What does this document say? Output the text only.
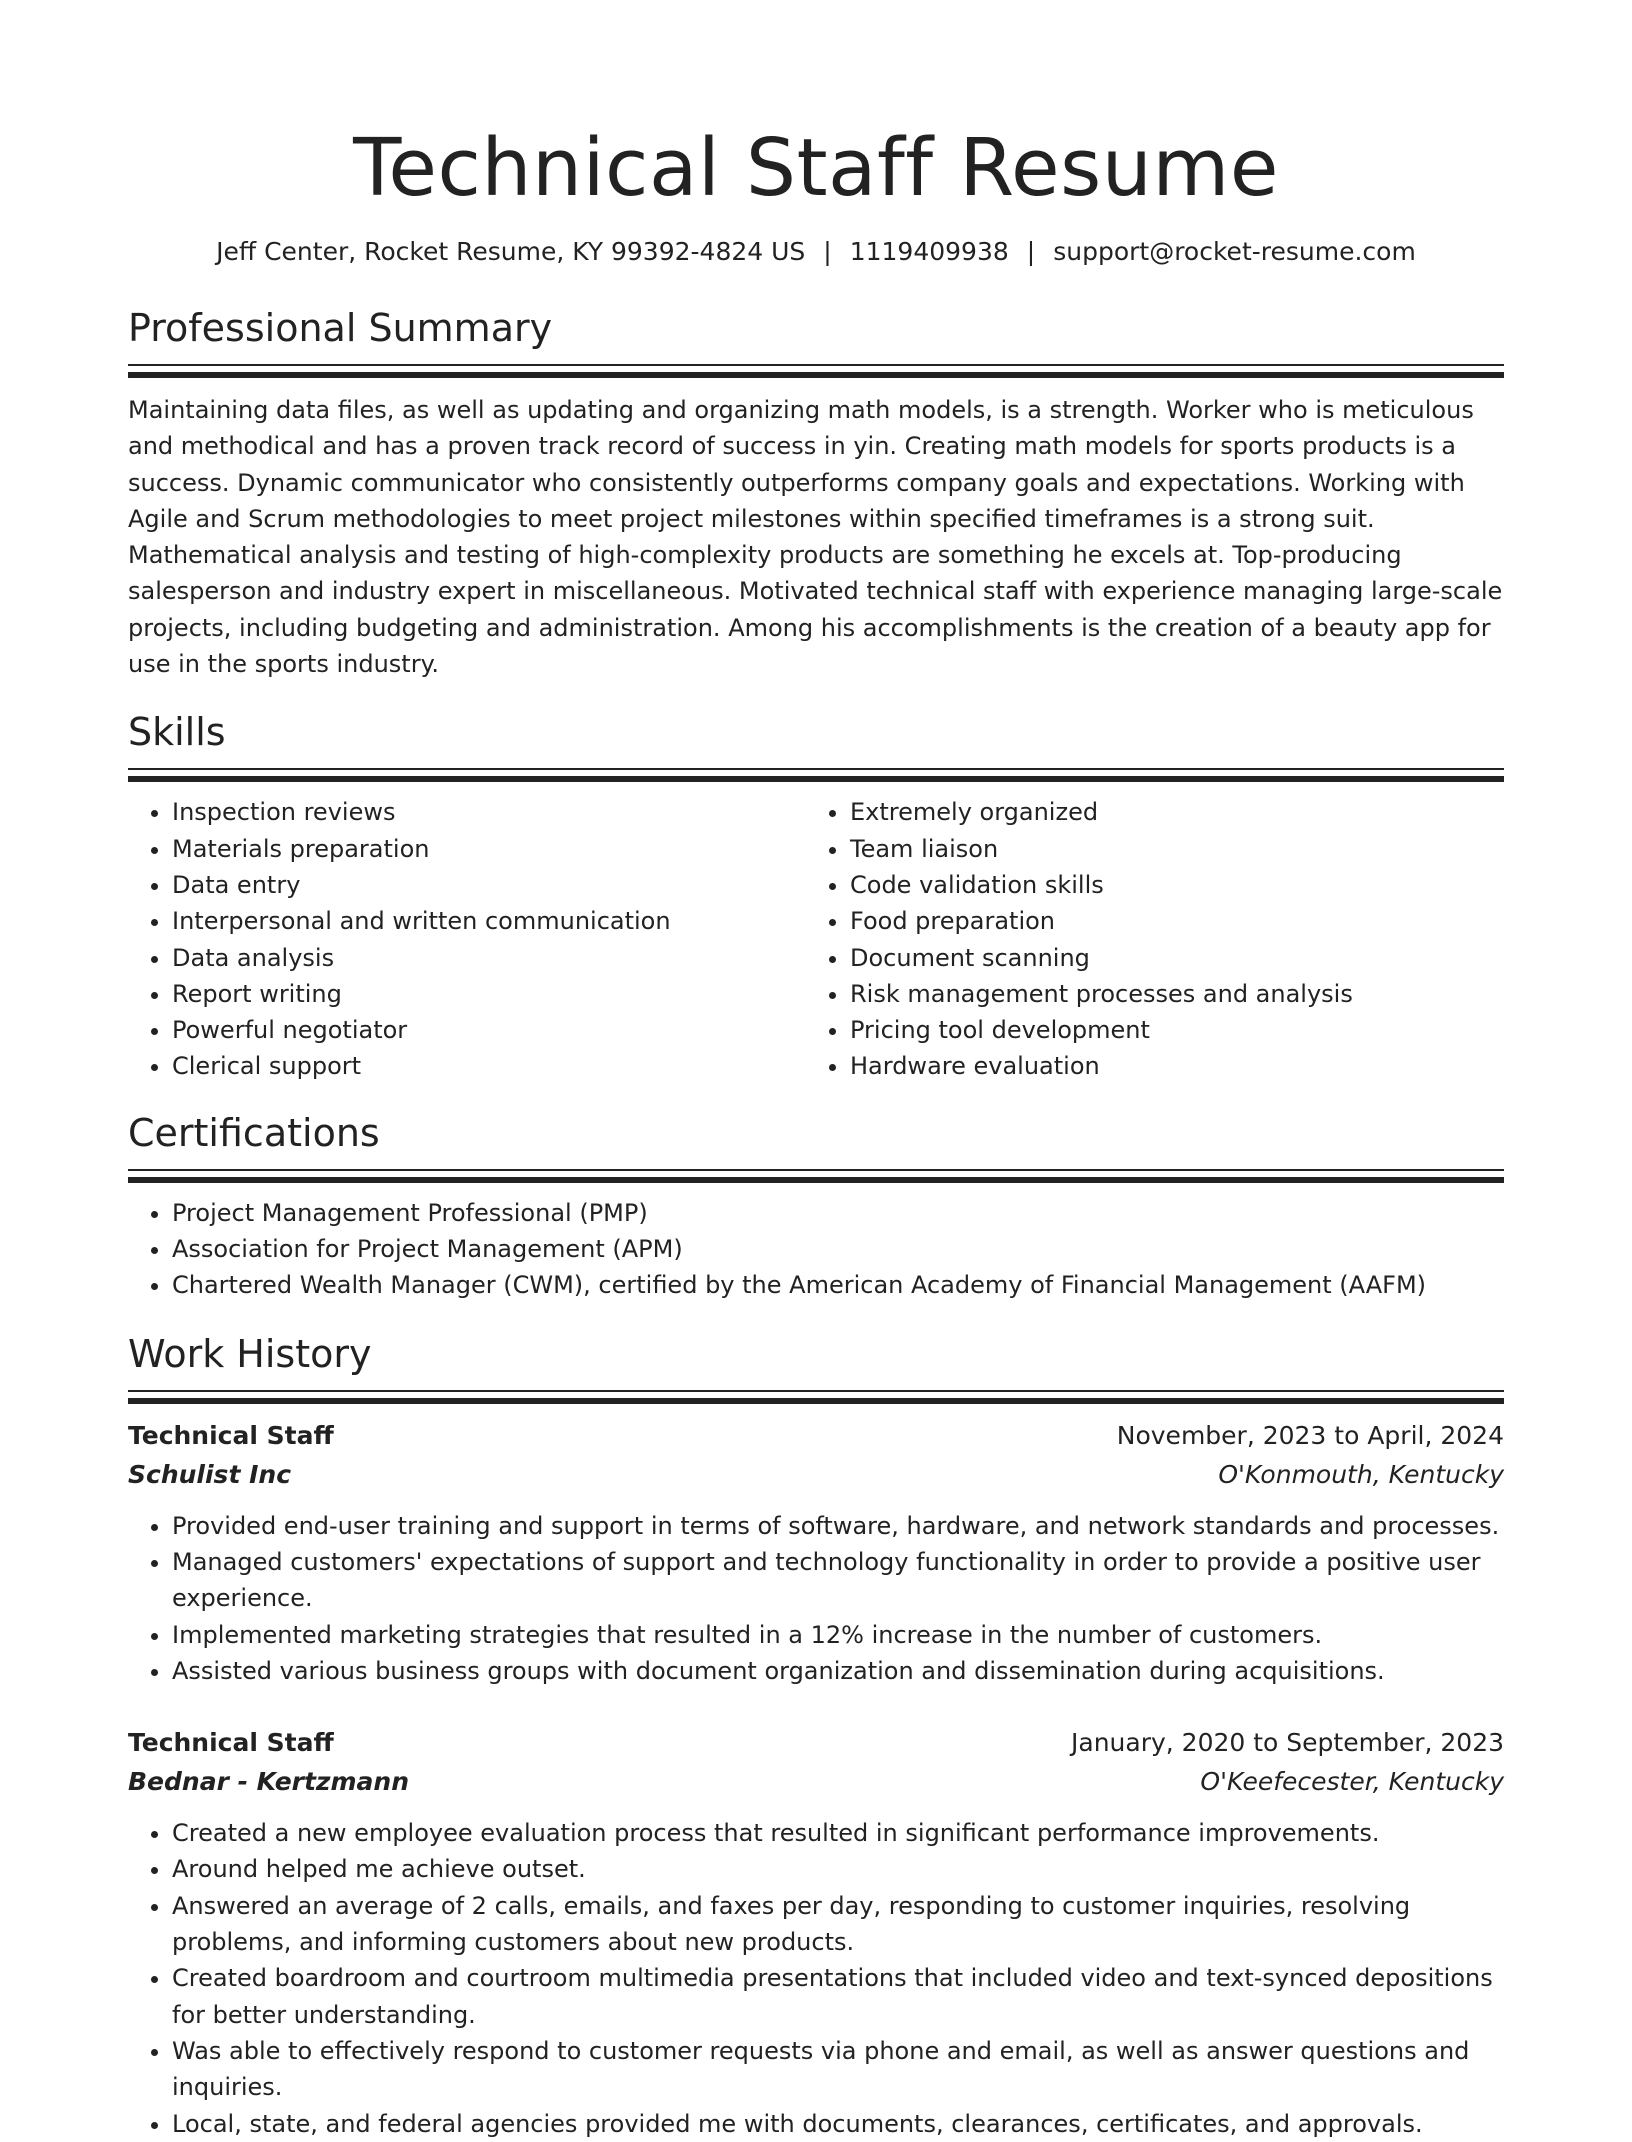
Technical Staff Resume
Jeff Center, Rocket Resume, KY 99392-4824 US | 1119409938 | support@rocket-resume.com
Professional Summary

Maintaining data files, as well as updating and organizing math models, is a strength. Worker who is meticulous and methodical and has a proven track record of success in yin. Creating math models for sports products is a success. Dynamic communicator who consistently outperforms company goals and expectations. Working with Agile and Scrum methodologies to meet project milestones within specified timeframes is a strong suit. Mathematical analysis and testing of high-complexity products are something he excels at. Top-producing salesperson and industry expert in miscellaneous. Motivated technical staff with experience managing large-scale projects, including budgeting and administration. Among his accomplishments is the creation of a beauty app for use in the sports industry.

Skills
• Inspection reviews
• Materials preparation
• Data entry
• Interpersonal and written communication
• Data analysis
• Report writing
• Powerful negotiator
• Clerical support
• Extremely organized
• Team liaison
• Code validation skills
• Food preparation
• Document scanning
• Risk management processes and analysis
• Pricing tool development
• Hardware evaluation
Certifications
• Project Management Professional (PMP)
• Association for Project Management (APM)
• Chartered Wealth Manager (CWM), certified by the American Academy of Financial Management (AAFM)
Work History
Technical Staff	November, 2023 to April, 2024
Schulist Inc	O'Konmouth, Kentucky
• Provided end-user training and support in terms of software, hardware, and network standards and processes.
• Managed customers' expectations of support and technology functionality in order to provide a positive user experience.
• Implemented marketing strategies that resulted in a 12% increase in the number of customers.
• Assisted various business groups with document organization and dissemination during acquisitions.
Technical Staff	January, 2020 to September, 2023
Bednar - Kertzmann	O'Keefecester, Kentucky
• Created a new employee evaluation process that resulted in significant performance improvements.
• Around helped me achieve outset.
• Answered an average of 2 calls, emails, and faxes per day, responding to customer inquiries, resolving problems, and informing customers about new products.
• Created boardroom and courtroom multimedia presentations that included video and text-synced depositions for better understanding.
• Was able to effectively respond to customer requests via phone and email, as well as answer questions and inquiries.
• Local, state, and federal agencies provided me with documents, clearances, certificates, and approvals.
